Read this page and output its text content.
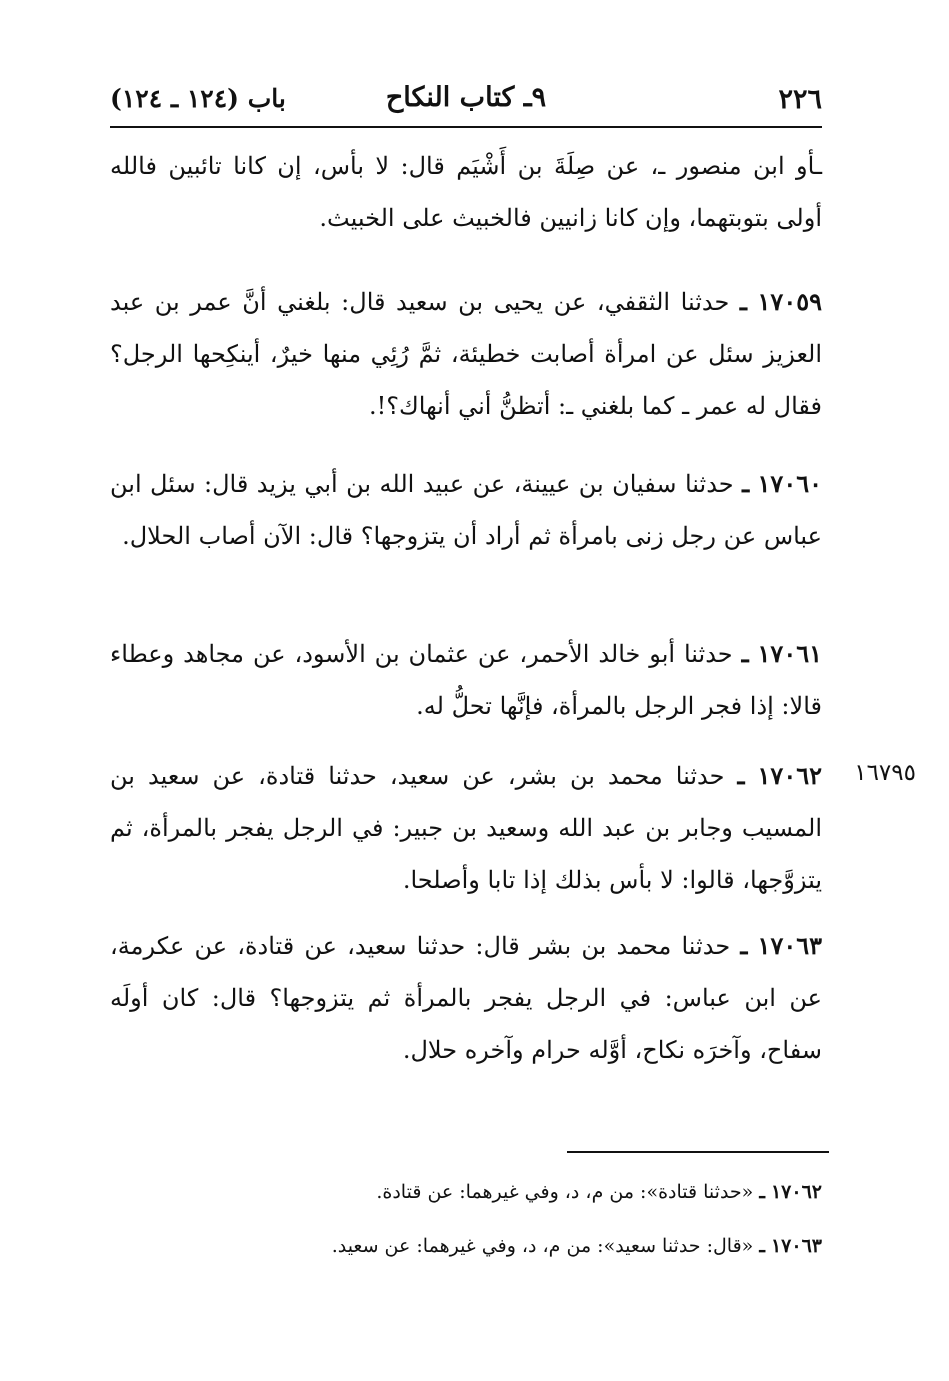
٢٢٦
٩ـ كتاب النكاح
باب (١٢٤ ـ ١٢٤)

ـأو ابن منصور ـ، عن صِلَةَ بن أَشْيَم قال: لا بأس، إن كانا تائبين فالله أولى بتوبتهما، وإن كانا زانيين فالخبيث على الخبيث.

١٧٠٥٩ ـ حدثنا الثقفي، عن يحيى بن سعيد قال: بلغني أنَّ عمر بن عبد العزيز سئل عن امرأة أصابت خطيئة، ثمَّ رُئِي منها خيرٌ، أينكِحها الرجل؟ فقال له عمر ـ كما بلغني ـ: أتظنُّ أني أنهاك؟!.

١٧٠٦٠ ـ حدثنا سفيان بن عيينة، عن عبيد الله بن أبي يزيد قال: سئل ابن عباس عن رجل زنى بامرأة ثم أراد أن يتزوجها؟ قال: الآن أصاب الحلال.

١٧٠٦١ ـ حدثنا أبو خالد الأحمر، عن عثمان بن الأسود، عن مجاهد وعطاء قالا: إذا فجر الرجل بالمرأة، فإنَّها تحلُّ له.

١٦٧٩٥

١٧٠٦٢ ـ حدثنا محمد بن بشر، عن سعيد، حدثنا قتادة، عن سعيد بن المسيب وجابر بن عبد الله وسعيد بن جبير: في الرجل يفجر بالمرأة، ثم يتزوَّجها، قالوا: لا بأس بذلك إذا تابا وأصلحا.

١٧٠٦٣ ـ حدثنا محمد بن بشر قال: حدثنا سعيد، عن قتادة، عن عكرمة، عن ابن عباس: في الرجل يفجر بالمرأة ثم يتزوجها؟ قال: كان أولَه سفاح، وآخرَه نكاح، أوَّله حرام وآخره حلال.

١٧٠٦٢ ـ «حدثنا قتادة»: من م، د، وفي غيرهما: عن قتادة.

١٧٠٦٣ ـ «قال: حدثنا سعيد»: من م، د، وفي غيرهما: عن سعيد.
